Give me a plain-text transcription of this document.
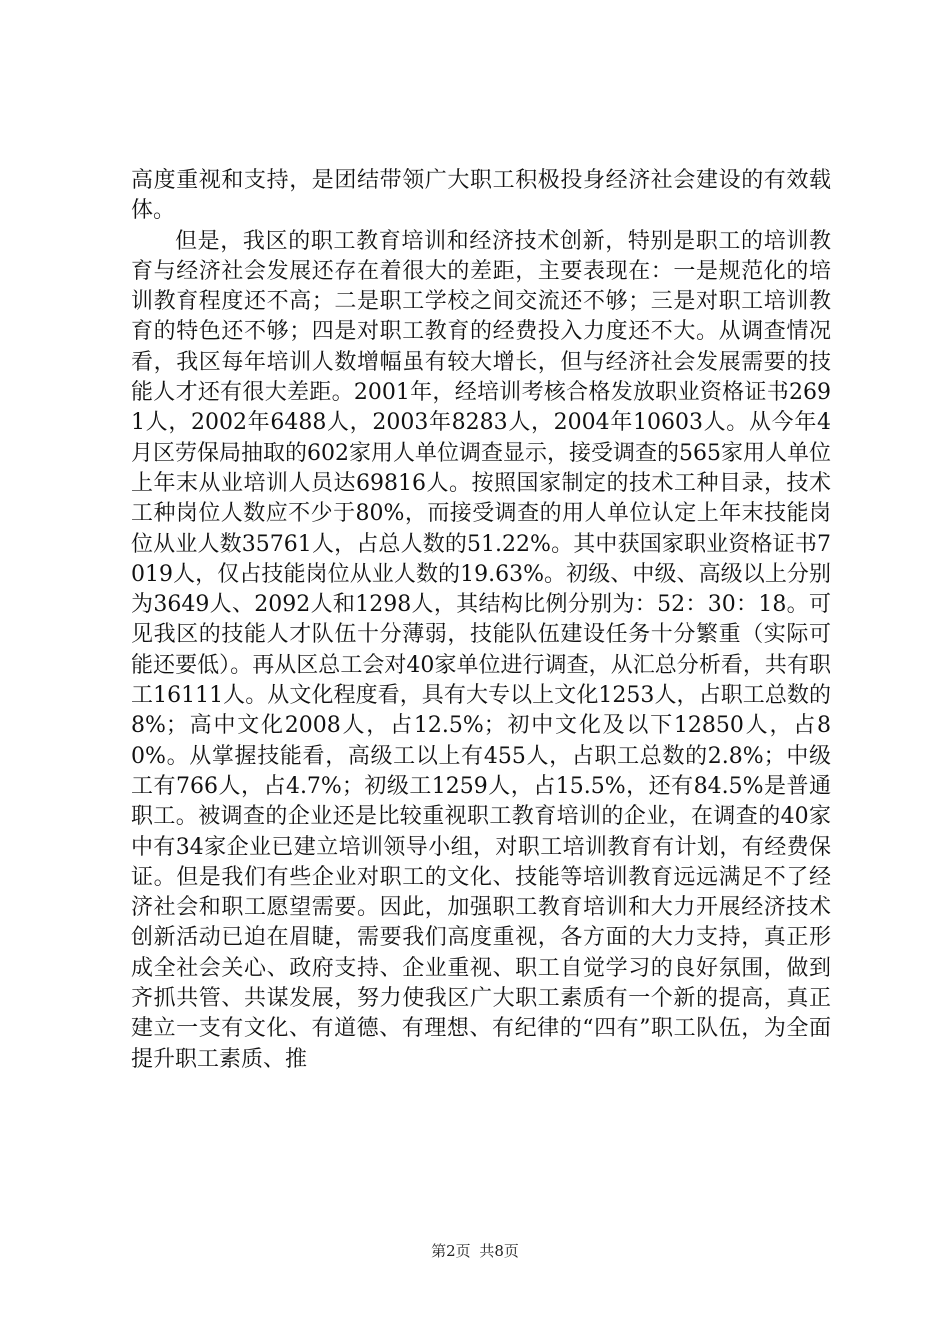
高度重视和支持，是团结带领广大职工积极投身经济社会建设的有效载体。

但是，我区的职工教育培训和经济技术创新，特别是职工的培训教育与经济社会发展还存在着很大的差距，主要表现在：一是规范化的培训教育程度还不高；二是职工学校之间交流还不够；三是对职工培训教育的特色还不够；四是对职工教育的经费投入力度还不大。从调查情况看，我区每年培训人数增幅虽有较大增长，但与经济社会发展需要的技能人才还有很大差距。2001年，经培训考核合格发放职业资格证书2691人，2002年6488人，2003年8283人，2004年10603人。从今年4月区劳保局抽取的602家用人单位调查显示，接受调查的565家用人单位上年末从业培训人员达69816人。按照国家制定的技术工种目录，技术工种岗位人数应不少于80%，而接受调查的用人单位认定上年末技能岗位从业人数35761人，占总人数的51.22%。其中获国家职业资格证书7019人，仅占技能岗位从业人数的19.63%。初级、中级、高级以上分别为3649人、2092人和1298人，其结构比例分别为：52：30：18。可见我区的技能人才队伍十分薄弱，技能队伍建设任务十分繁重（实际可能还要低）。再从区总工会对40家单位进行调查，从汇总分析看，共有职工16111人。从文化程度看，具有大专以上文化1253人，占职工总数的8%；高中文化2008人，占12.5%；初中文化及以下12850人，占80%。从掌握技能看，高级工以上有455人，占职工总数的2.8%；中级工有766人，占4.7%；初级工1259人，占15.5%，还有84.5%是普通职工。被调查的企业还是比较重视职工教育培训的企业，在调查的40家中有34家企业已建立培训领导小组，对职工培训教育有计划，有经费保证。但是我们有些企业对职工的文化、技能等培训教育远远满足不了经济社会和职工愿望需要。因此，加强职工教育培训和大力开展经济技术创新活动已迫在眉睫，需要我们高度重视，各方面的大力支持，真正形成全社会关心、政府支持、企业重视、职工自觉学习的良好氛围，做到齐抓共管、共谋发展，努力使我区广大职工素质有一个新的提高，真正建立一支有文化、有道德、有理想、有纪律的“四有”职工队伍，为全面提升职工素质、推

第2页 共8页
